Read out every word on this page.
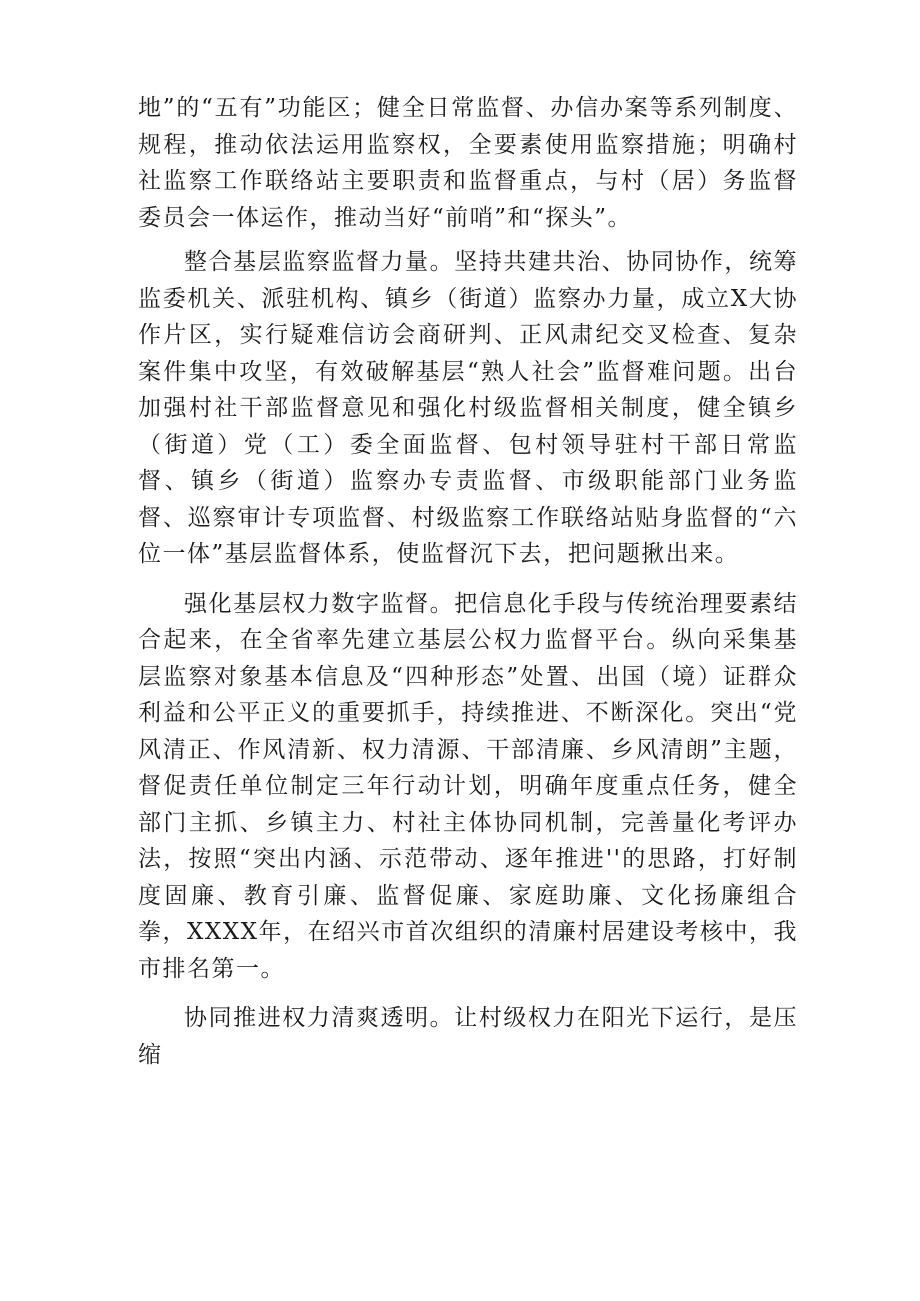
地”的“五有”功能区；健全日常监督、办信办案等系列制度、规程，推动依法运用监察权，全要素使用监察措施；明确村社监察工作联络站主要职责和监督重点，与村（居）务监督委员会一体运作，推动当好“前哨”和“探头”。

整合基层监察监督力量。坚持共建共治、协同协作，统筹监委机关、派驻机构、镇乡（街道）监察办力量，成立X大协作片区，实行疑难信访会商研判、正风肃纪交叉检查、复杂案件集中攻坚，有效破解基层“熟人社会”监督难问题。出台加强村社干部监督意见和强化村级监督相关制度，健全镇乡（街道）党（工）委全面监督、包村领导驻村干部日常监督、镇乡（街道）监察办专责监督、市级职能部门业务监督、巡察审计专项监督、村级监察工作联络站贴身监督的“六位一体”基层监督体系，使监督沉下去，把问题揪出来。

强化基层权力数字监督。把信息化手段与传统治理要素结合起来，在全省率先建立基层公权力监督平台。纵向采集基层监察对象基本信息及“四种形态”处置、出国（境）证群众利益和公平正义的重要抓手，持续推进、不断深化。突出“党风清正、作风清新、权力清源、干部清廉、乡风清朗”主题，督促责任单位制定三年行动计划，明确年度重点任务，健全部门主抓、乡镇主力、村社主体协同机制，完善量化考评办法，按照“突出内涵、示范带动、逐年推进''的思路，打好制度固廉、教育引廉、监督促廉、家庭助廉、文化扬廉组合拳，XXXX年，在绍兴市首次组织的清廉村居建设考核中，我市排名第一。

协同推进权力清爽透明。让村级权力在阳光下运行，是压缩
